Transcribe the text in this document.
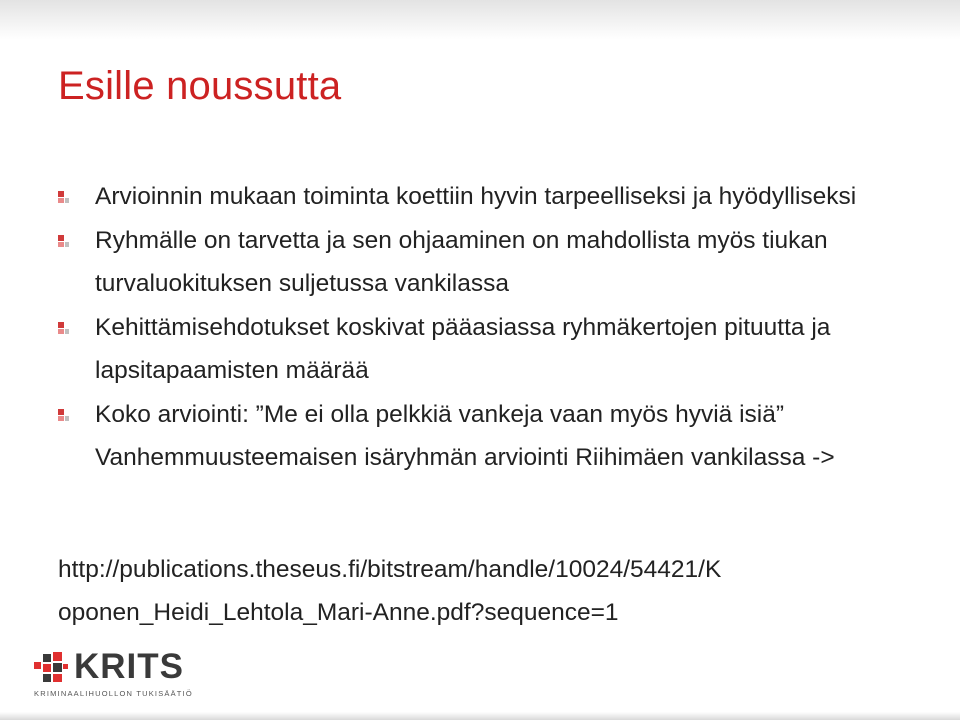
Esille noussutta

Arvioinnin mukaan toiminta koettiin hyvin tarpeelliseksi ja hyödylliseksi

Ryhmälle on tarvetta ja sen ohjaaminen on mahdollista myös tiukan turvaluokituksen suljetussa vankilassa

Kehittämisehdotukset koskivat pääasiassa ryhmäkertojen pituutta ja lapsitapaamisten määrää

Koko arviointi: ”Me ei olla pelkkiä vankeja vaan myös hyviä isiä” Vanhemmuusteemaisen isäryhmän arviointi Riihimäen vankilassa ->

http://publications.theseus.fi/bitstream/handle/10024/54421/K
oponen_Heidi_Lehtola_Mari-Anne.pdf?sequence=1
KRITS
KRIMINAALIHUOLLON TUKISÄÄTIÖ
